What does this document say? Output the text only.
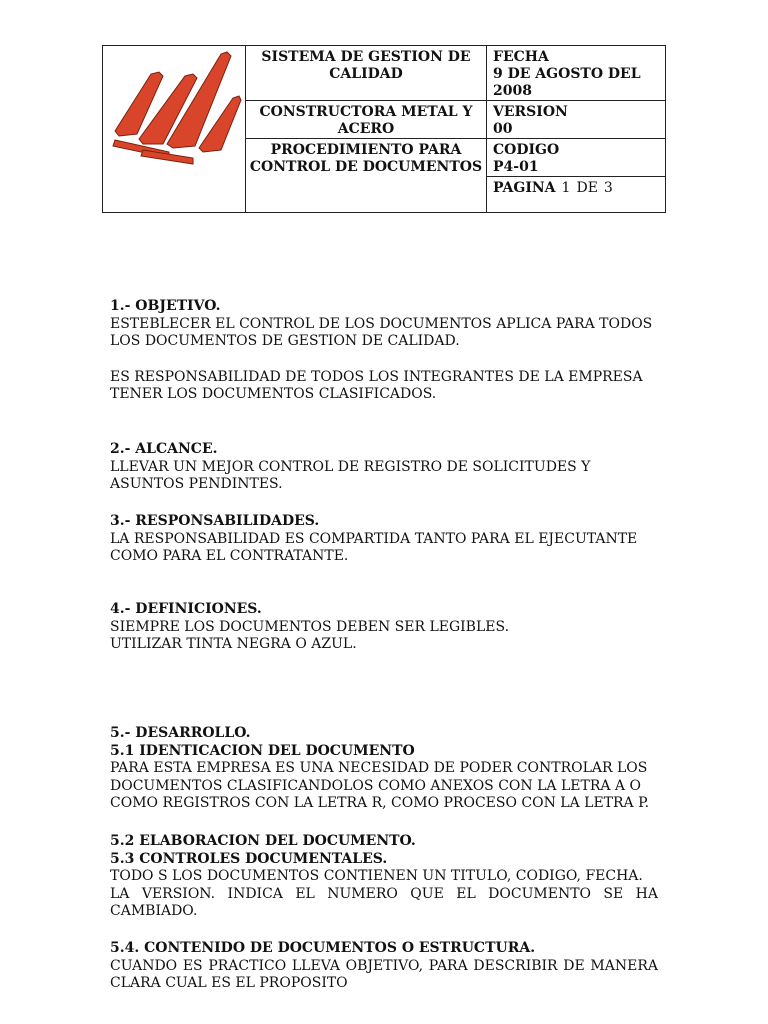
SISTEMA DE GESTION DE CALIDAD	FECHA
9 DE AGOSTO DEL 2008

	CONSTRUCTORA METAL Y ACERO	VERSION
00

	PROCEDIMIENTO PARA CONTROL DE DOCUMENTOS	CODIGO
P4-01

		PAGINA 1 DE 3
1.- OBJETIVO.
ESTEBLECER EL CONTROL DE LOS DOCUMENTOS APLICA PARA TODOS LOS DOCUMENTOS DE GESTION DE CALIDAD.
ES RESPONSABILIDAD DE TODOS LOS INTEGRANTES DE LA EMPRESA TENER LOS DOCUMENTOS CLASIFICADOS.
2.- ALCANCE.
LLEVAR UN MEJOR CONTROL DE REGISTRO DE SOLICITUDES Y ASUNTOS PENDINTES.
3.- RESPONSABILIDADES.
LA RESPONSABILIDAD ES COMPARTIDA TANTO PARA EL EJECUTANTE COMO PARA EL CONTRATANTE.
4.- DEFINICIONES.
SIEMPRE LOS DOCUMENTOS DEBEN SER LEGIBLES.
UTILIZAR TINTA NEGRA O AZUL.
5.- DESARROLLO.
5.1 IDENTICACION DEL DOCUMENTO
PARA ESTA EMPRESA ES UNA NECESIDAD DE PODER CONTROLAR LOS DOCUMENTOS CLASIFICANDOLOS COMO ANEXOS CON LA LETRA A O COMO REGISTROS CON LA LETRA R, COMO PROCESO CON LA LETRA P.
5.2 ELABORACION DEL DOCUMENTO.
5.3 CONTROLES DOCUMENTALES.
TODO S LOS DOCUMENTOS CONTIENEN UN TITULO, CODIGO, FECHA.
LA VERSION. INDICA EL NUMERO QUE EL DOCUMENTO SE HA CAMBIADO.
5.4. CONTENIDO DE DOCUMENTOS O ESTRUCTURA.
CUANDO ES PRACTICO LLEVA OBJETIVO, PARA DESCRIBIR DE MANERA CLARA CUAL ES EL PROPOSITO
